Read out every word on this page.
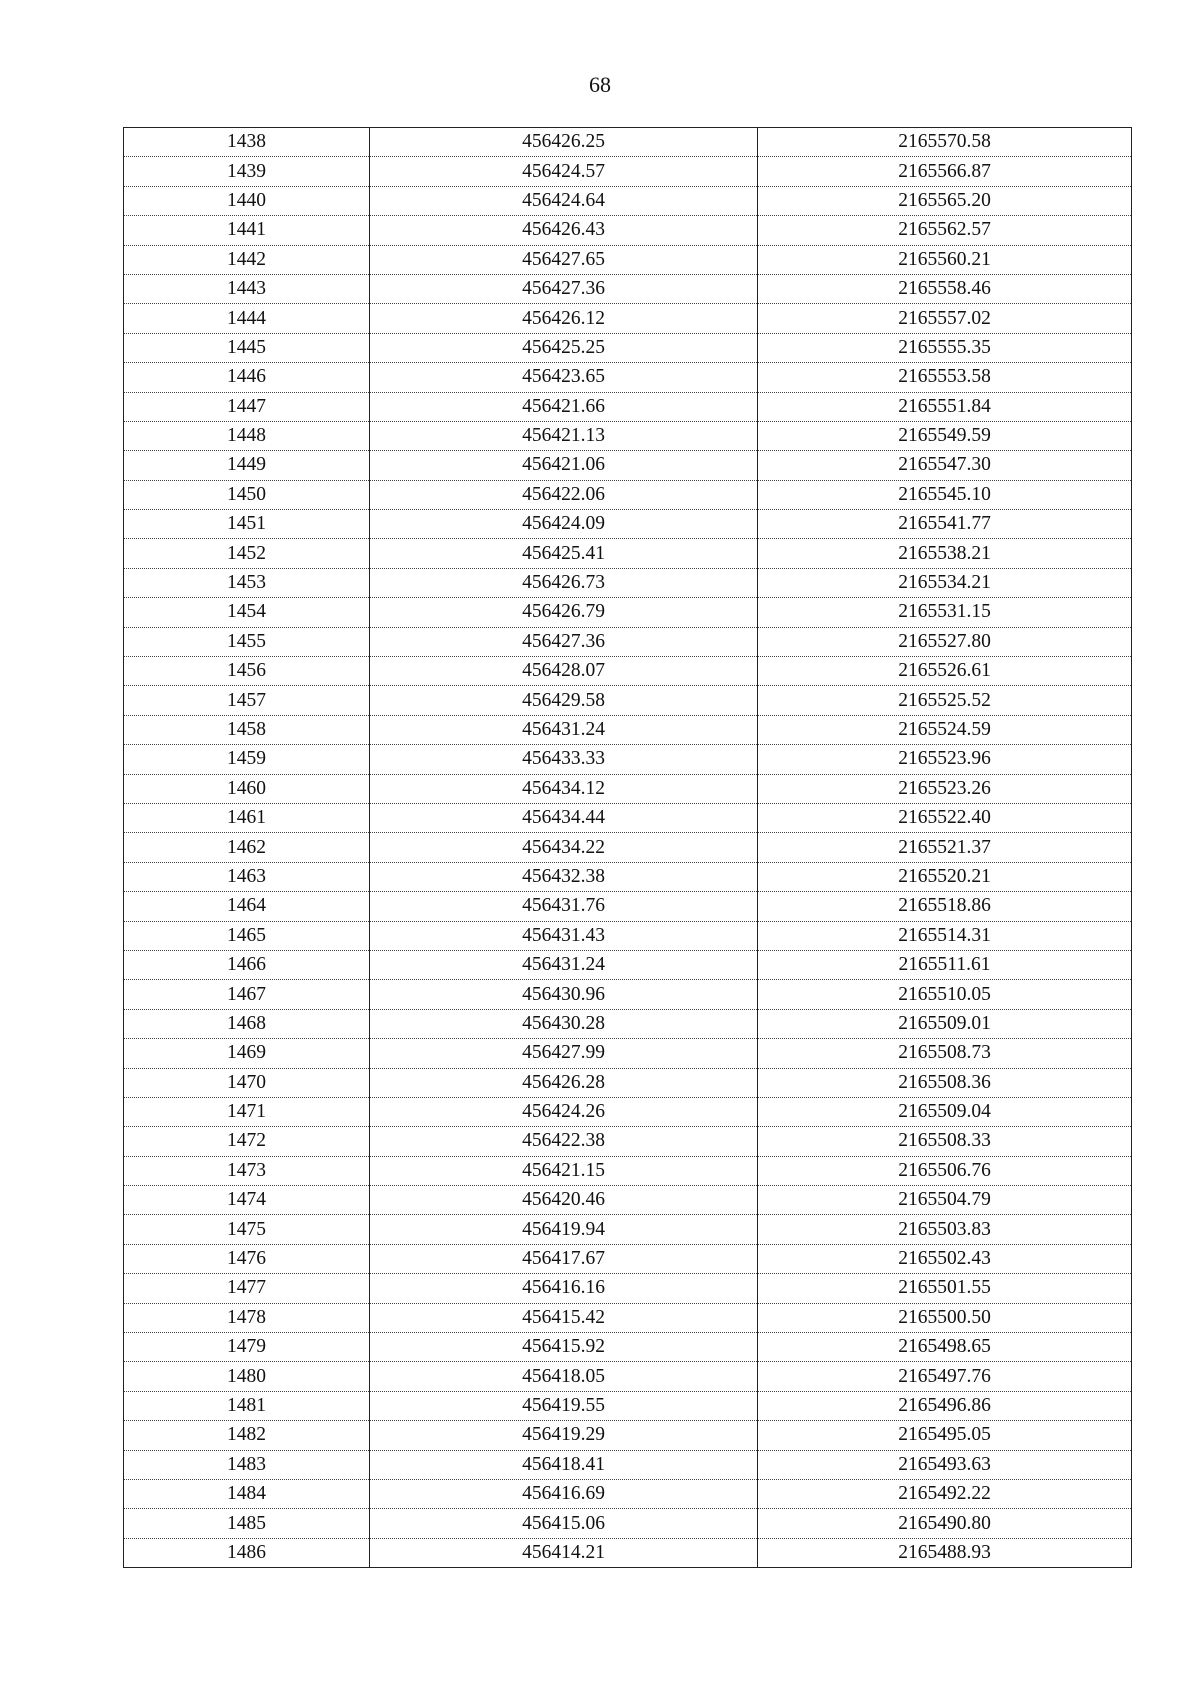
68
1438	456426.25	2165570.58
1439	456424.57	2165566.87
1440	456424.64	2165565.20
1441	456426.43	2165562.57
1442	456427.65	2165560.21
1443	456427.36	2165558.46
1444	456426.12	2165557.02
1445	456425.25	2165555.35
1446	456423.65	2165553.58
1447	456421.66	2165551.84
1448	456421.13	2165549.59
1449	456421.06	2165547.30
1450	456422.06	2165545.10
1451	456424.09	2165541.77
1452	456425.41	2165538.21
1453	456426.73	2165534.21
1454	456426.79	2165531.15
1455	456427.36	2165527.80
1456	456428.07	2165526.61
1457	456429.58	2165525.52
1458	456431.24	2165524.59
1459	456433.33	2165523.96
1460	456434.12	2165523.26
1461	456434.44	2165522.40
1462	456434.22	2165521.37
1463	456432.38	2165520.21
1464	456431.76	2165518.86
1465	456431.43	2165514.31
1466	456431.24	2165511.61
1467	456430.96	2165510.05
1468	456430.28	2165509.01
1469	456427.99	2165508.73
1470	456426.28	2165508.36
1471	456424.26	2165509.04
1472	456422.38	2165508.33
1473	456421.15	2165506.76
1474	456420.46	2165504.79
1475	456419.94	2165503.83
1476	456417.67	2165502.43
1477	456416.16	2165501.55
1478	456415.42	2165500.50
1479	456415.92	2165498.65
1480	456418.05	2165497.76
1481	456419.55	2165496.86
1482	456419.29	2165495.05
1483	456418.41	2165493.63
1484	456416.69	2165492.22
1485	456415.06	2165490.80
1486	456414.21	2165488.93
